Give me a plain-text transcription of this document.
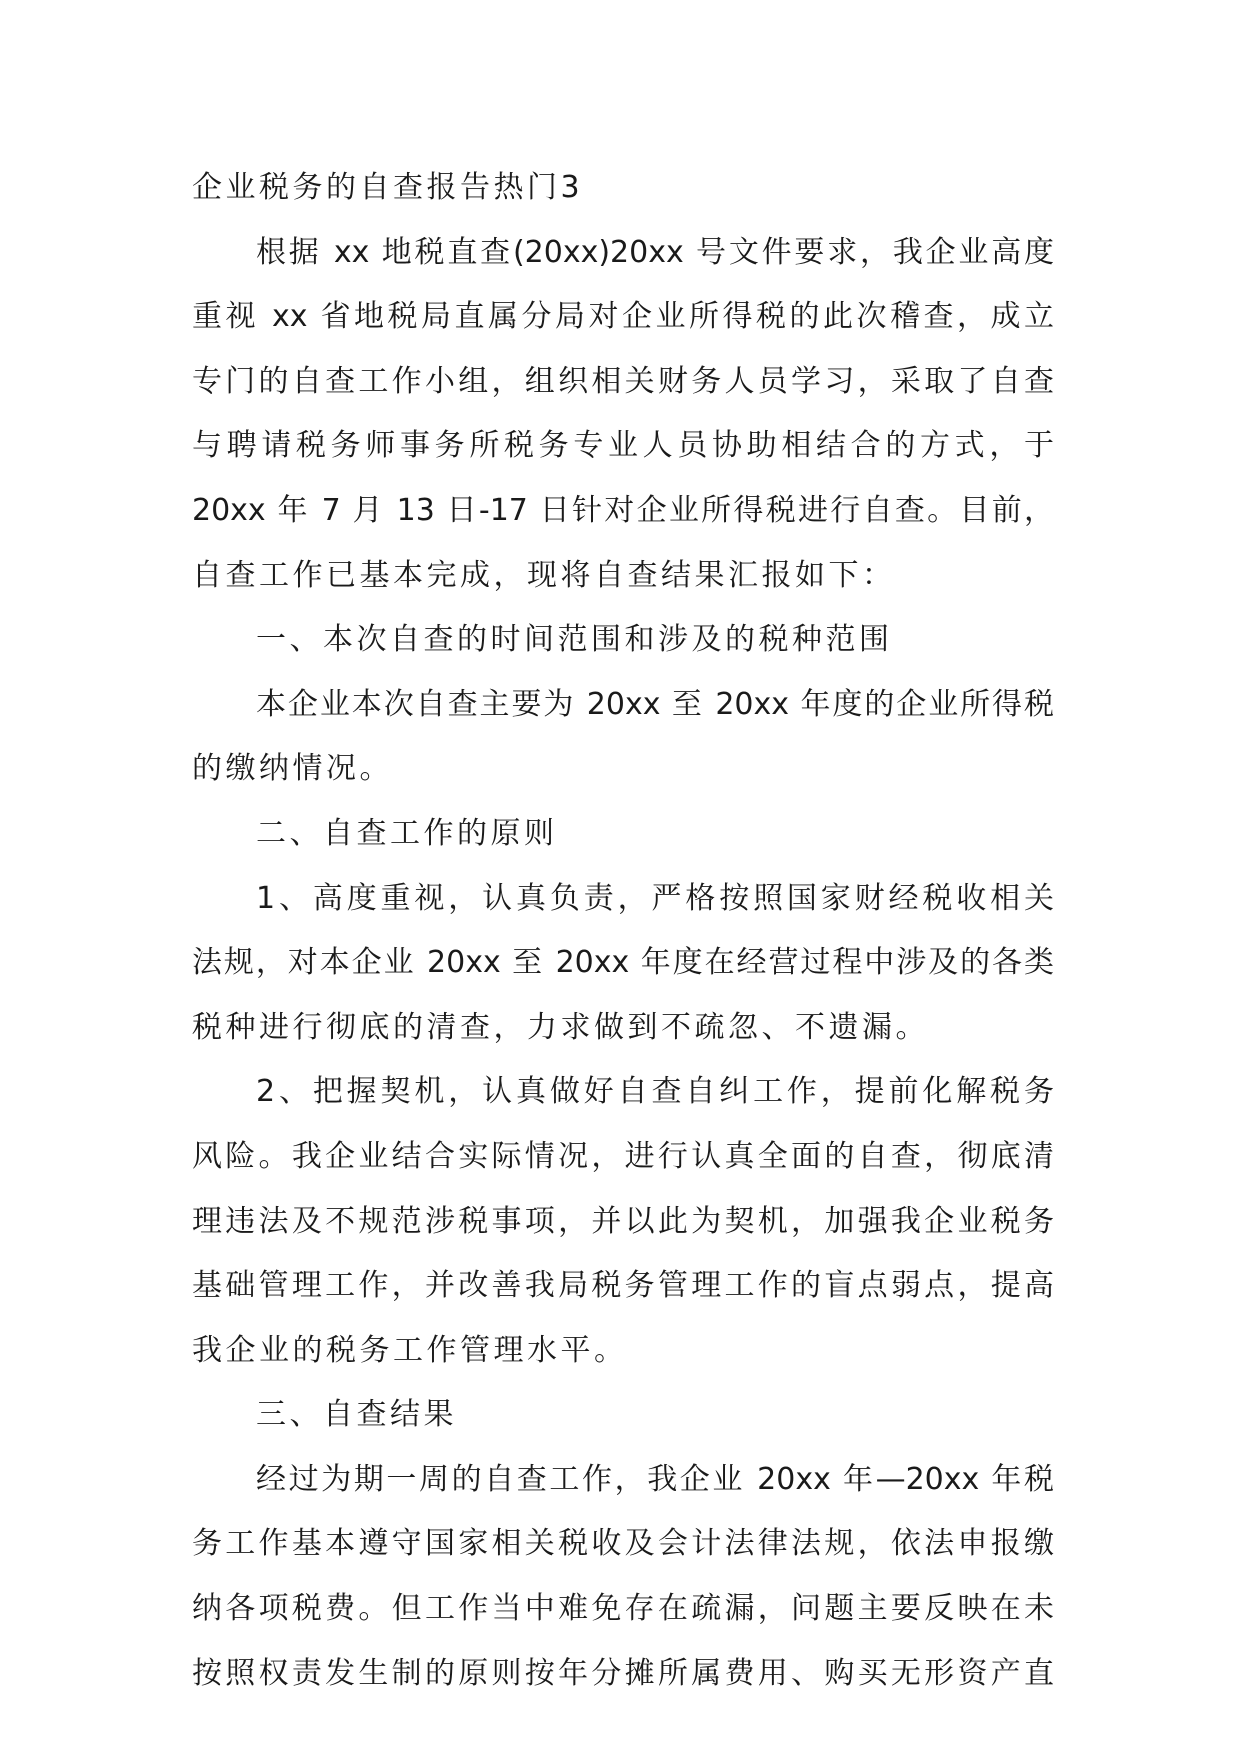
企业税务的自查报告热门3
根据 xx 地税直查(20xx)20xx 号文件要求，我企业高度
重视 xx 省地税局直属分局对企业所得税的此次稽查，成立
专门的自查工作小组，组织相关财务人员学习，采取了自查
与聘请税务师事务所税务专业人员协助相结合的方式，于
20xx 年 7 月 13 日-17 日针对企业所得税进行自查。目前，
自查工作已基本完成，现将自查结果汇报如下：
一、本次自查的时间范围和涉及的税种范围
本企业本次自查主要为 20xx 至 20xx 年度的企业所得税
的缴纳情况。
二、自查工作的原则
1、高度重视，认真负责，严格按照国家财经税收相关
法规，对本企业 20xx 至 20xx 年度在经营过程中涉及的各类
税种进行彻底的清查，力求做到不疏忽、不遗漏。
2、把握契机，认真做好自查自纠工作，提前化解税务
风险。我企业结合实际情况，进行认真全面的自查，彻底清
理违法及不规范涉税事项，并以此为契机，加强我企业税务
基础管理工作，并改善我局税务管理工作的盲点弱点，提高
我企业的税务工作管理水平。
三、自查结果
经过为期一周的自查工作，我企业 20xx 年—20xx 年税
务工作基本遵守国家相关税收及会计法律法规，依法申报缴
纳各项税费。但工作当中难免存在疏漏，问题主要反映在未
按照权责发生制的原则按年分摊所属费用、购买无形资产直
